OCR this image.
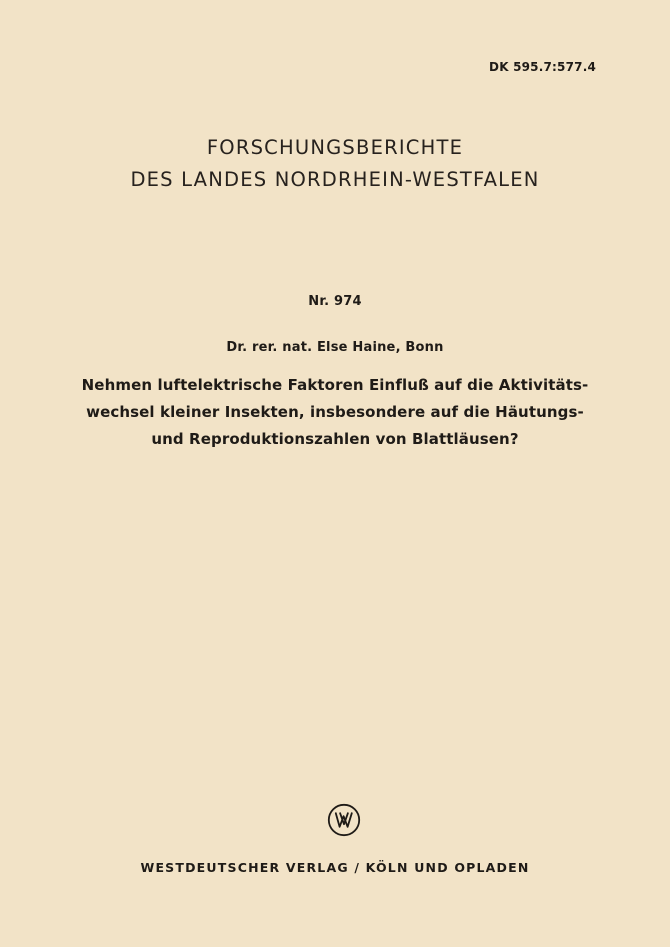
DK 595.7:577.4
FORSCHUNGSBERICHTE
DES LANDES NORDRHEIN-WESTFALEN
Nr. 974
Dr. rer. nat. Else Haine, Bonn
Nehmen luftelektrische Faktoren Einfluß auf die Aktivitäts-
wechsel kleiner Insekten, insbesondere auf die Häutungs-
und Reproduktionszahlen von Blattläusen?
WESTDEUTSCHER VERLAG / KÖLN UND OPLADEN
